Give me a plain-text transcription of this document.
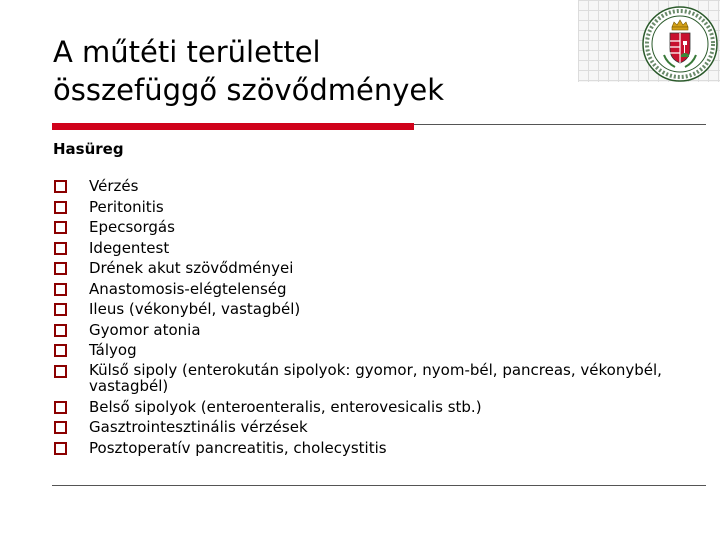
A műtéti területtel
összefüggő szövődmények
Hasüreg
Vérzés
Peritonitis
Epecsorgás
Idegentest
Drének akut szövődményei
Anastomosis-elégtelenség
Ileus (vékonybél, vastagbél)
Gyomor atonia
Tályog
Külső sipoly (enterokután sipolyok: gyomor, nyom-bél, pancreas, vékonybél, vastagbél)
Belső sipolyok (enteroenteralis, enterovesicalis stb.)
Gasztrointesztinális vérzések
Posztoperatív pancreatitis, cholecystitis
